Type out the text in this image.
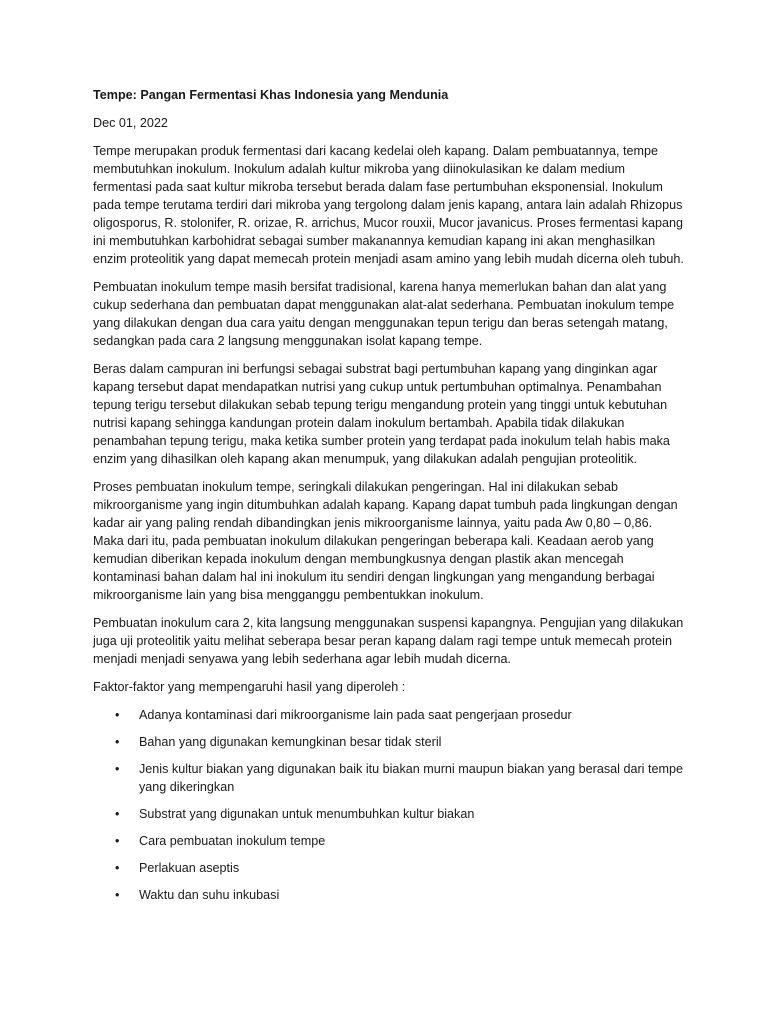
Tempe: Pangan Fermentasi Khas Indonesia yang Mendunia
Dec 01, 2022

Tempe merupakan produk fermentasi dari kacang kedelai oleh kapang. Dalam pembuatannya, tempe membutuhkan inokulum. Inokulum adalah kultur mikroba yang diinokulasikan ke dalam medium fermentasi pada saat kultur mikroba tersebut berada dalam fase pertumbuhan eksponensial. Inokulum pada tempe terutama terdiri dari mikroba yang tergolong dalam jenis kapang, antara lain adalah Rhizopus oligosporus, R. stolonifer, R. orizae, R. arrichus, Mucor rouxii, Mucor javanicus. Proses fermentasi kapang ini membutuhkan karbohidrat sebagai sumber makanannya kemudian kapang ini akan menghasilkan enzim proteolitik yang dapat memecah protein menjadi asam amino yang lebih mudah dicerna oleh tubuh.

Pembuatan inokulum tempe masih bersifat tradisional, karena hanya memerlukan bahan dan alat yang cukup sederhana dan pembuatan dapat menggunakan alat-alat sederhana. Pembuatan inokulum tempe yang dilakukan dengan dua cara yaitu dengan menggunakan tepun terigu dan beras setengah matang, sedangkan pada cara 2 langsung menggunakan isolat kapang tempe.

Beras dalam campuran ini berfungsi sebagai substrat bagi pertumbuhan kapang yang dinginkan agar kapang tersebut dapat mendapatkan nutrisi yang cukup untuk pertumbuhan optimalnya. Penambahan tepung terigu tersebut dilakukan sebab tepung terigu mengandung protein yang tinggi untuk kebutuhan nutrisi kapang sehingga kandungan protein dalam inokulum bertambah. Apabila tidak dilakukan penambahan tepung terigu, maka ketika sumber protein yang terdapat pada inokulum telah habis maka enzim yang dihasilkan oleh kapang akan menumpuk, yang dilakukan adalah pengujian proteolitik.

Proses pembuatan inokulum tempe, seringkali dilakukan pengeringan. Hal ini dilakukan sebab mikroorganisme yang ingin ditumbuhkan adalah kapang. Kapang dapat tumbuh pada lingkungan dengan kadar air yang paling rendah dibandingkan jenis mikroorganisme lainnya, yaitu pada Aw 0,80 – 0,86. Maka dari itu, pada pembuatan inokulum dilakukan pengeringan beberapa kali. Keadaan aerob yang kemudian diberikan kepada inokulum dengan membungkusnya dengan plastik akan mencegah kontaminasi bahan dalam hal ini inokulum itu sendiri dengan lingkungan yang mengandung berbagai mikroorganisme lain yang bisa mengganggu pembentukkan inokulum.

Pembuatan inokulum cara 2, kita langsung menggunakan suspensi kapangnya. Pengujian yang dilakukan juga uji proteolitik yaitu melihat seberapa besar peran kapang dalam ragi tempe untuk memecah protein menjadi menjadi senyawa yang lebih sederhana agar lebih mudah dicerna.

Faktor-faktor yang mempengaruhi hasil yang diperoleh :
• Adanya kontaminasi dari mikroorganisme lain pada saat pengerjaan prosedur
• Bahan yang digunakan kemungkinan besar tidak steril
• Jenis kultur biakan yang digunakan baik itu biakan murni maupun biakan yang berasal dari tempe yang dikeringkan
• Substrat yang digunakan untuk menumbuhkan kultur biakan
• Cara pembuatan inokulum tempe
• Perlakuan aseptis
• Waktu dan suhu inkubasi
